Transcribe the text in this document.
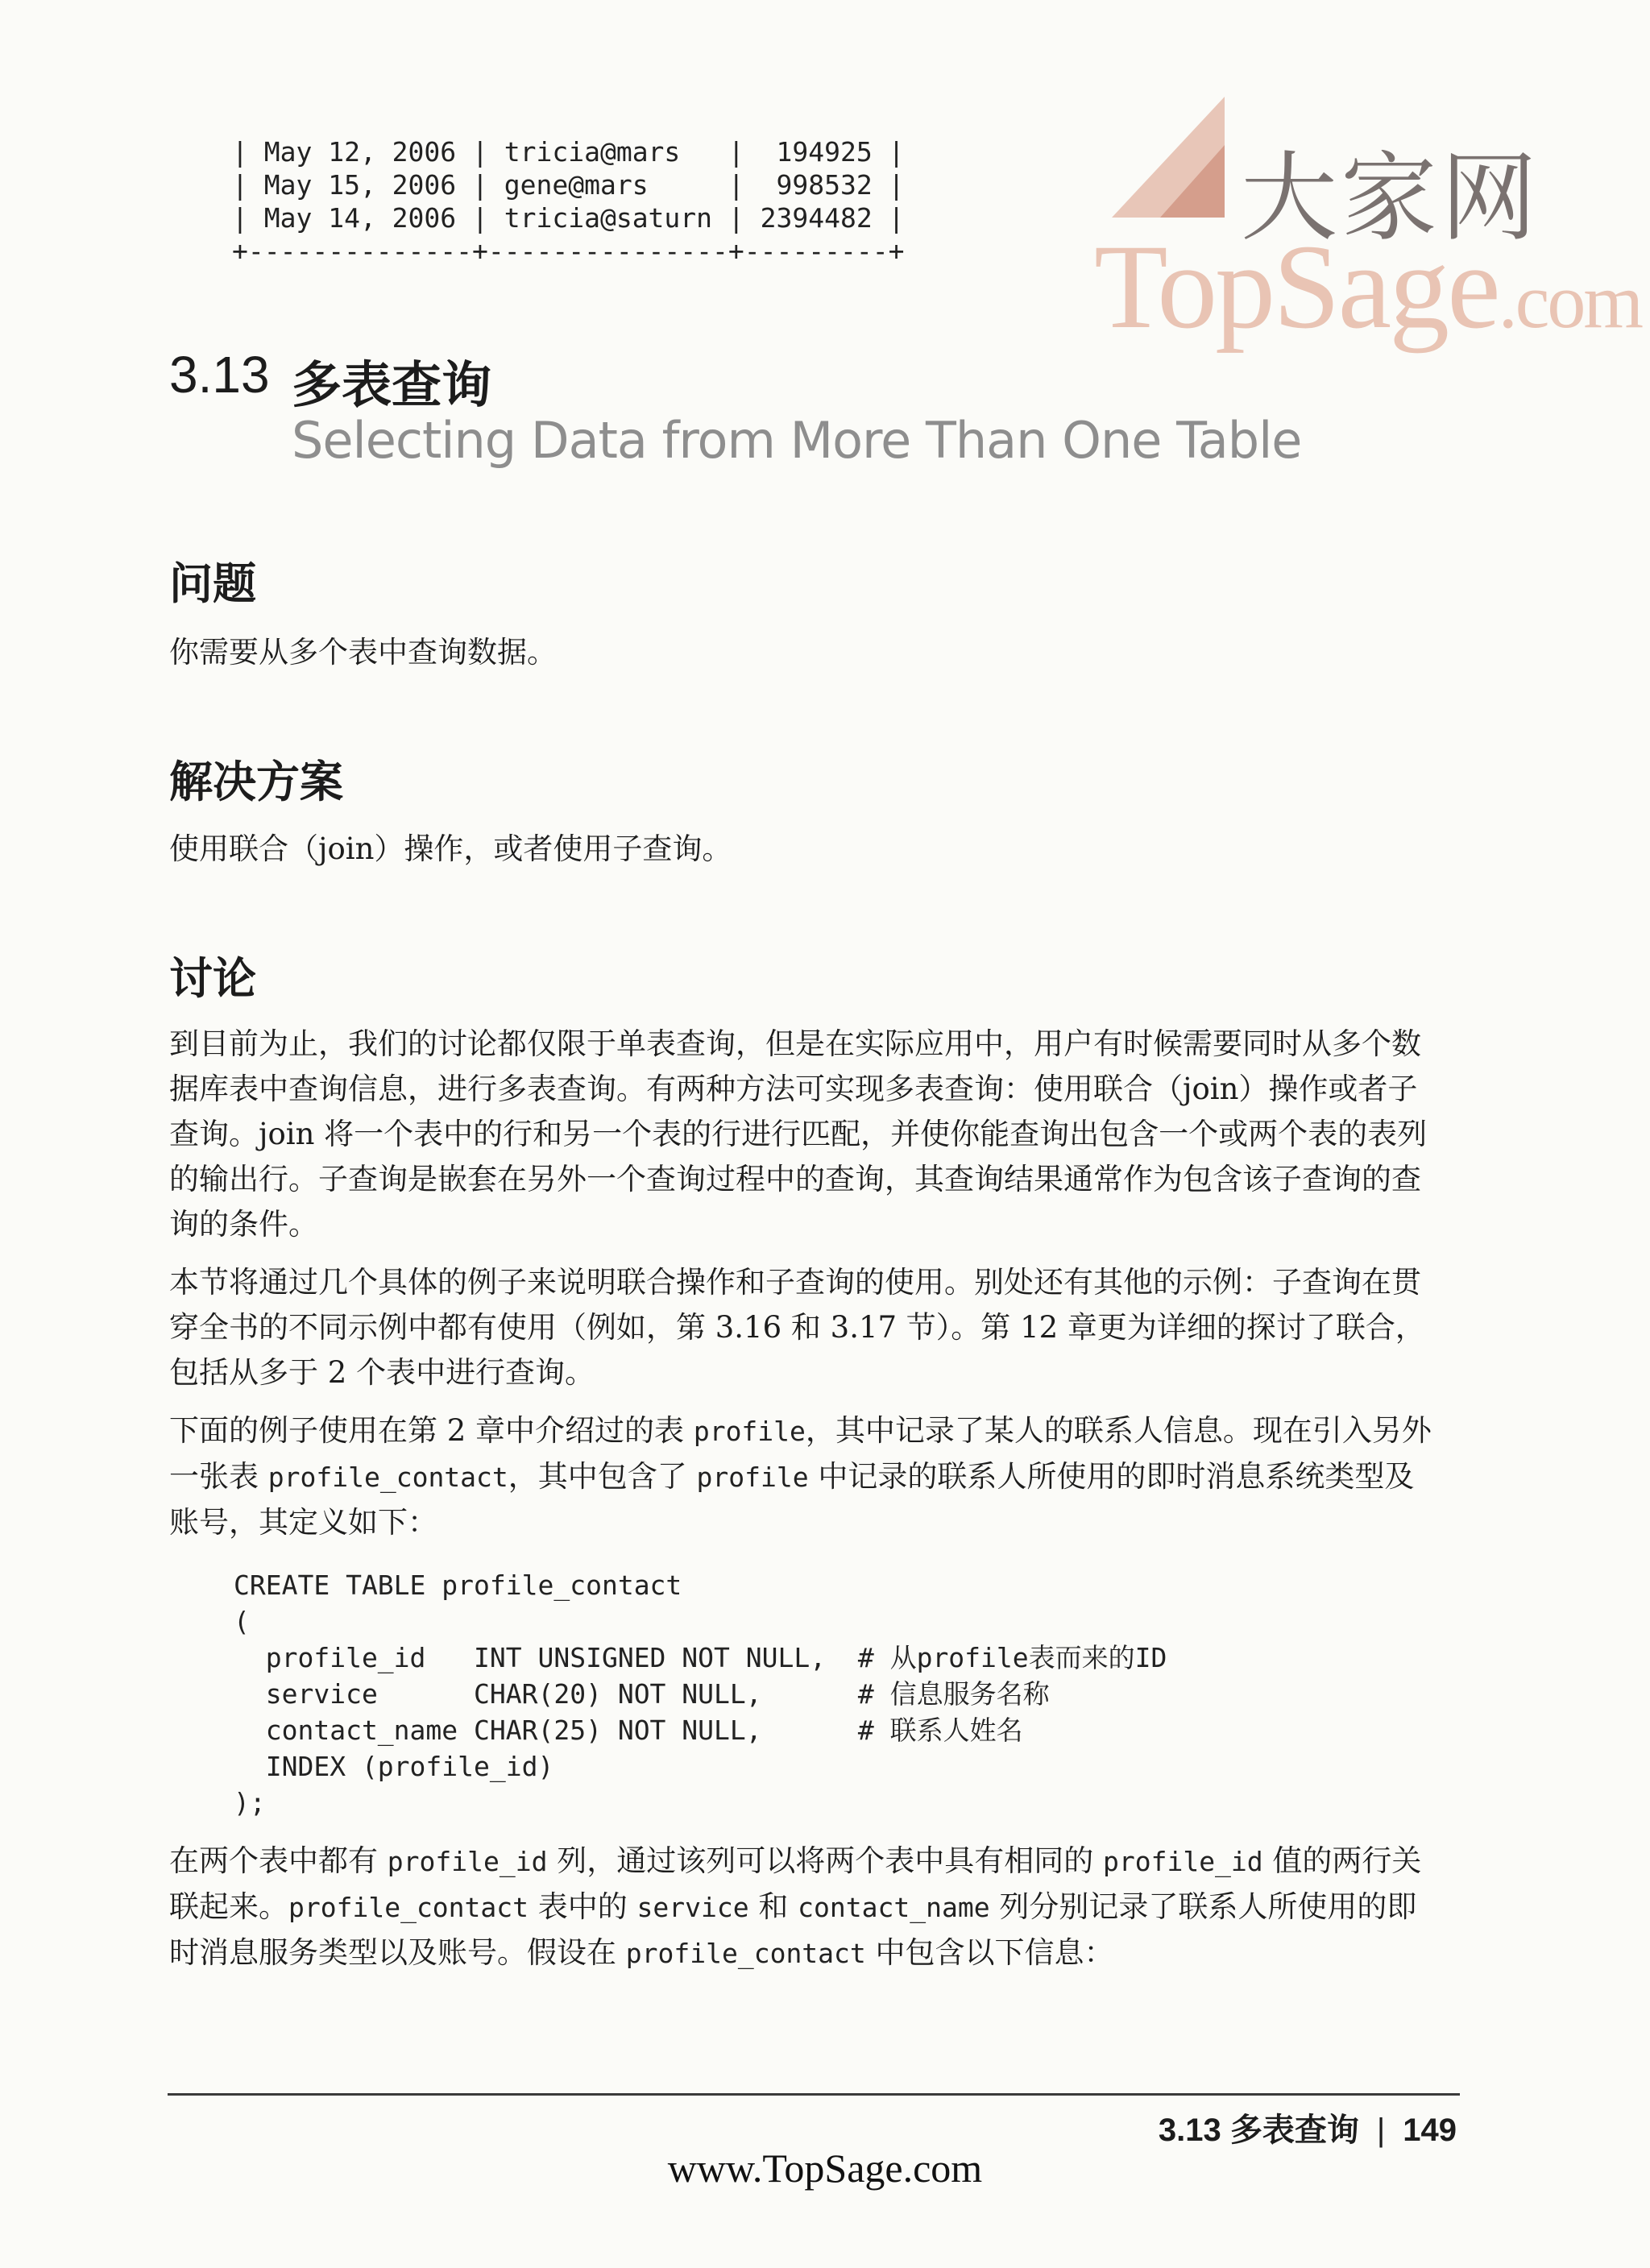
大家网
TopSage.com
| May 12, 2006 | tricia@mars   |  194925 |
| May 15, 2006 | gene@mars     |  998532 |
| May 14, 2006 | tricia@saturn | 2394482 |
+--------------+---------------+---------+
3.13 多表查询
Selecting Data from More Than One Table
问题
你需要从多个表中查询数据。
解决方案
使用联合（join）操作，或者使用子查询。
讨论

到目前为止，我们的讨论都仅限于单表查询，但是在实际应用中，用户有时候需要同时从多个数据库表中查询信息，进行多表查询。有两种方法可实现多表查询：使用联合（join）操作或者子查询。join 将一个表中的行和另一个表的行进行匹配，并使你能查询出包含一个或两个表的表列的输出行。子查询是嵌套在另外一个查询过程中的查询，其查询结果通常作为包含该子查询的查询的条件。

本节将通过几个具体的例子来说明联合操作和子查询的使用。别处还有其他的示例：子查询在贯穿全书的不同示例中都有使用（例如，第 3.16 和 3.17 节）。第 12 章更为详细的探讨了联合，包括从多于 2 个表中进行查询。

下面的例子使用在第 2 章中介绍过的表 profile，其中记录了某人的联系人信息。现在引入另外一张表 profile_contact，其中包含了 profile 中记录的联系人所使用的即时消息系统类型及账号，其定义如下：

CREATE TABLE profile_contact
(
profile_id   INT UNSIGNED NOT NULL,  # 从profile表而来的ID
service      CHAR(20) NOT NULL,      # 信息服务名称
contact_name CHAR(25) NOT NULL,      # 联系人姓名
INDEX (profile_id)
);

在两个表中都有 profile_id 列，通过该列可以将两个表中具有相同的 profile_id 值的两行关联起来。profile_contact 表中的 service 和 contact_name 列分别记录了联系人所使用的即时消息服务类型以及账号。假设在 profile_contact 中包含以下信息：

3.13 多表查询 | 149
www.TopSage.com
